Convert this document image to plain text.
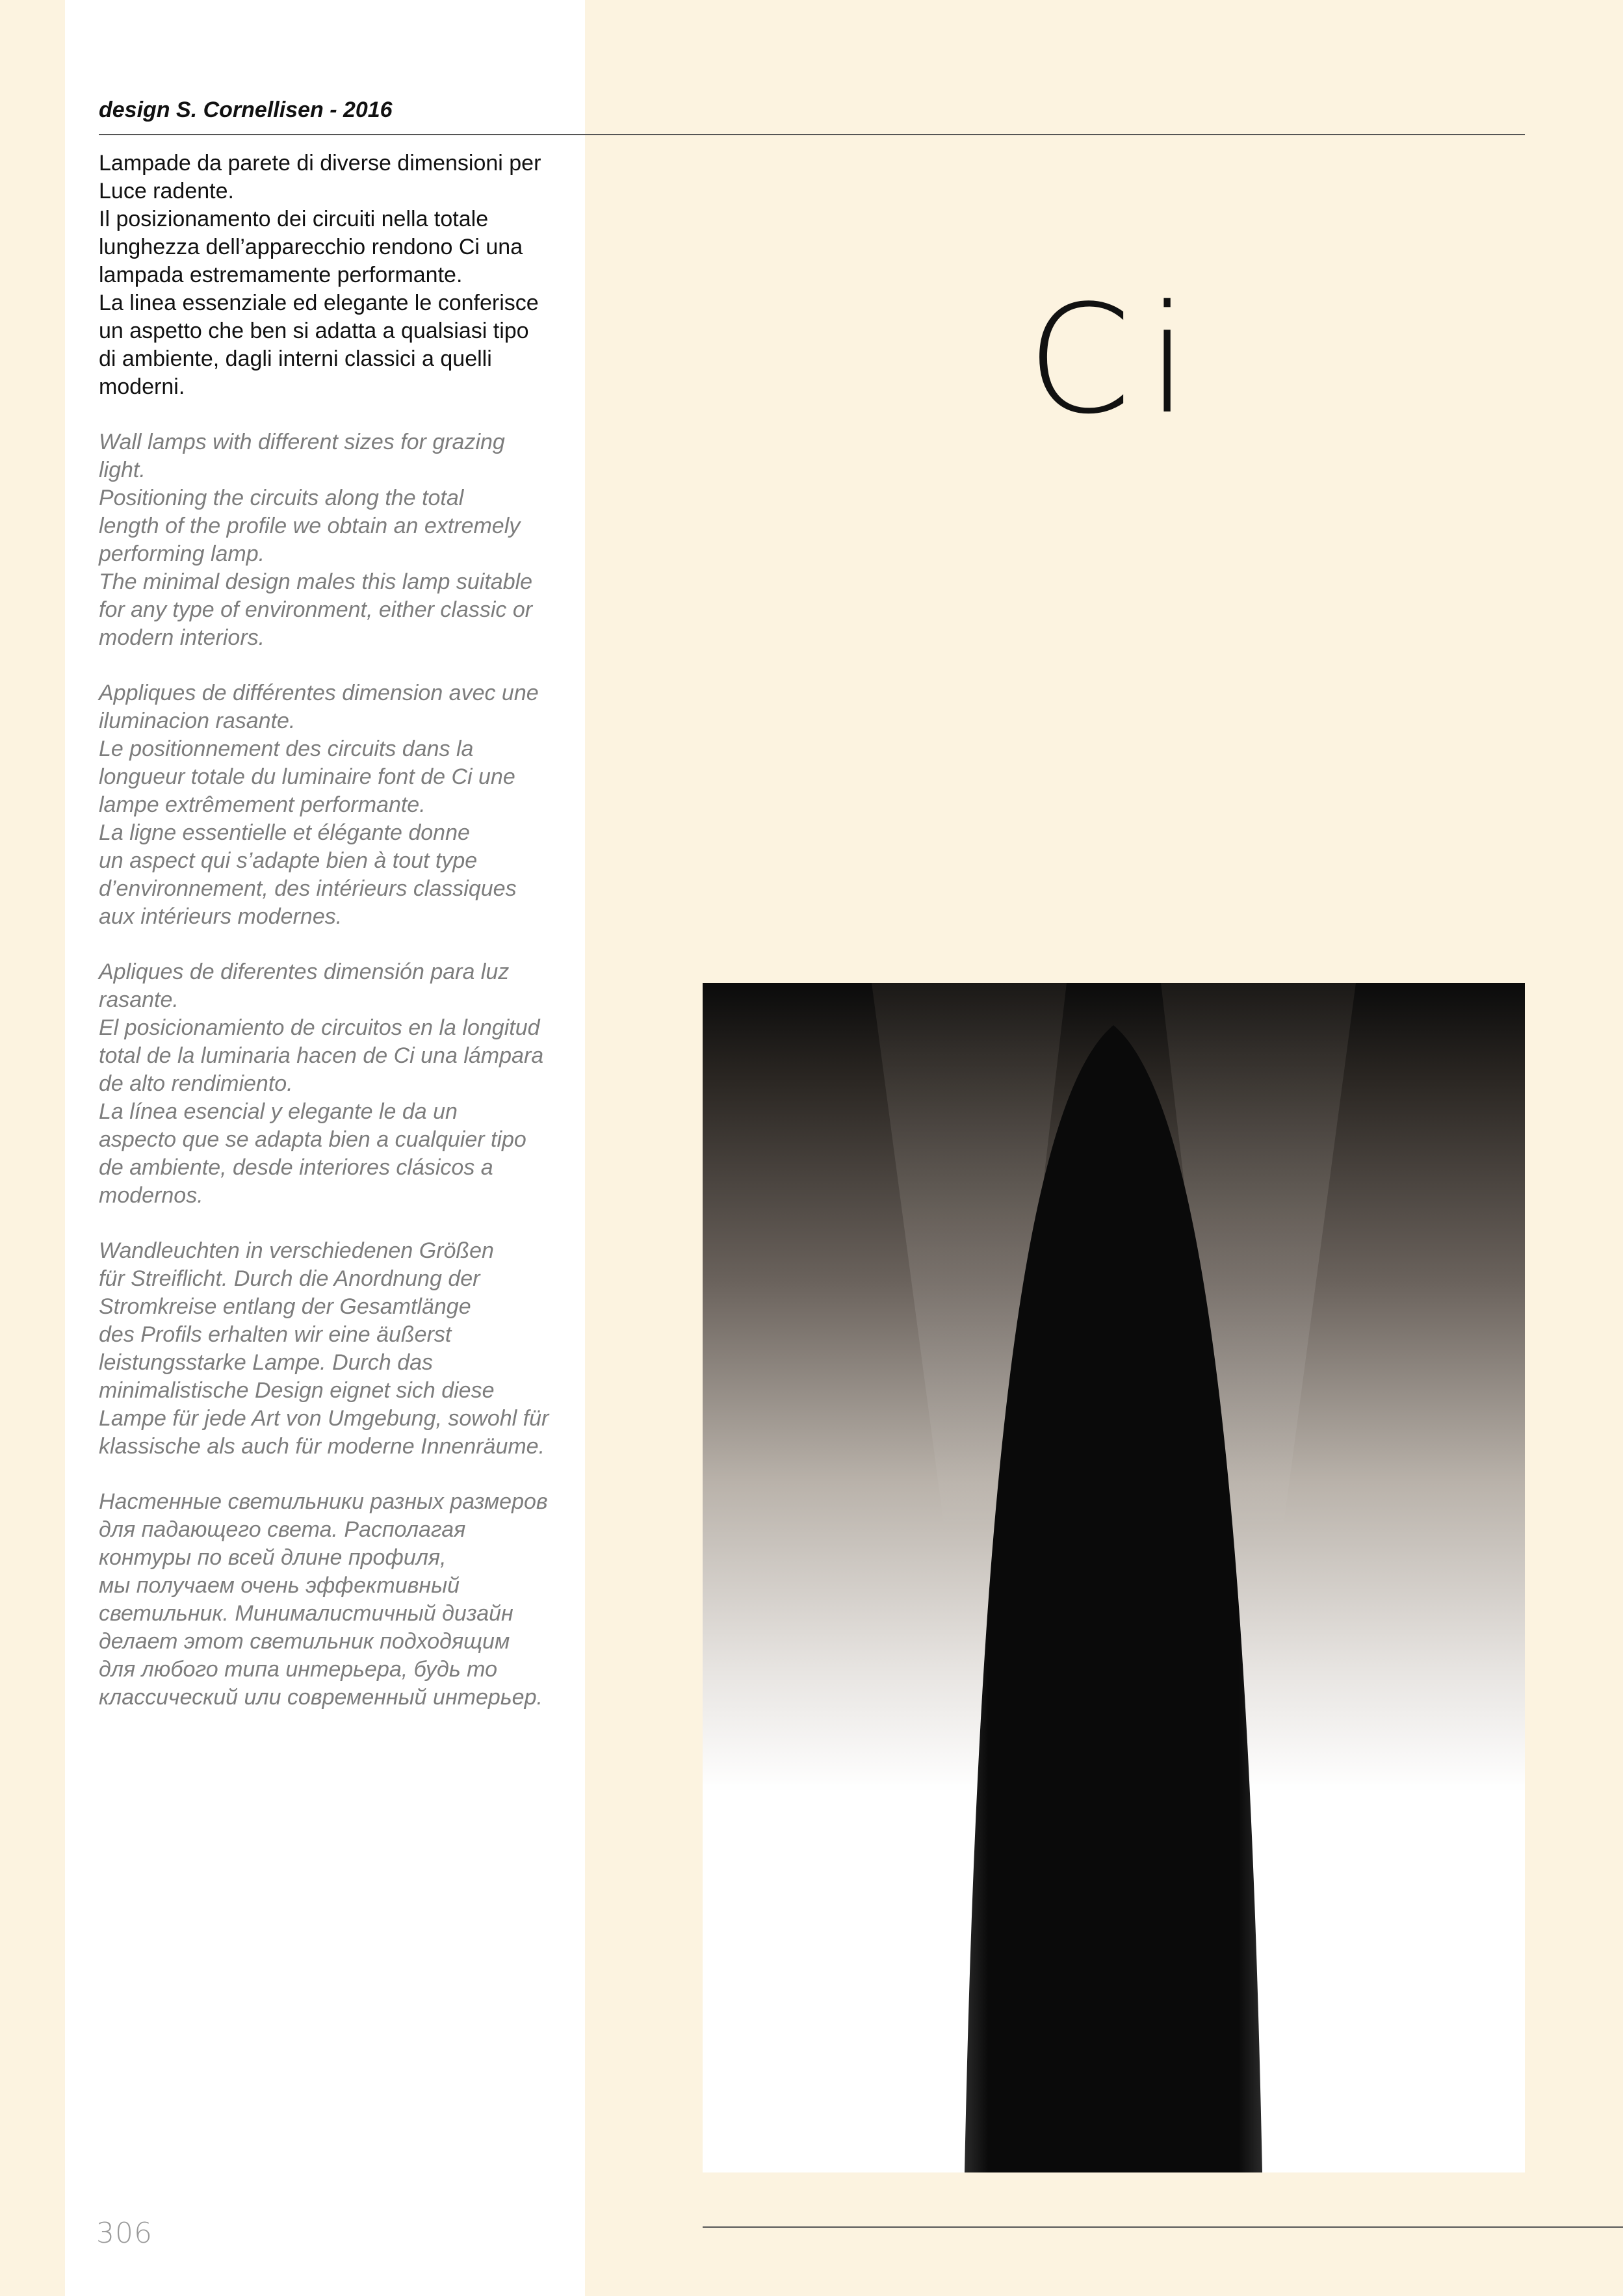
design S. Cornellisen - 2016

Lampade da parete di diverse dimensioni per
Luce radente.
Il posizionamento dei circuiti nella totale
lunghezza dell’apparecchio rendono Ci una
lampada estremamente performante.
La linea essenziale ed elegante le conferisce
un aspetto che ben si adatta a qualsiasi tipo
di ambiente, dagli interni classici a quelli
moderni.

Wall lamps with different sizes for grazing
light.
Positioning the circuits along the total
length of the profile we obtain an extremely
performing lamp.
The minimal design males this lamp suitable
for any type of environment, either classic or
modern interiors.

Appliques de différentes dimension avec une
iluminacion rasante.
Le positionnement des circuits dans la
longueur totale du luminaire font de Ci une
lampe extrêmement performante.
La ligne essentielle et élégante donne
un aspect qui s’adapte bien à tout type
d’environnement, des intérieurs classiques
aux intérieurs modernes.

Apliques de diferentes dimensión para luz
rasante.
El posicionamiento de circuitos en la longitud
total de la luminaria hacen de Ci una lámpara
de alto rendimiento.
La línea esencial y elegante le da un
aspecto que se adapta bien a cualquier tipo
de ambiente, desde interiores clásicos a
modernos.

Wandleuchten in verschiedenen Größen
für Streiflicht. Durch die Anordnung der
Stromkreise entlang der Gesamtlänge
des Profils erhalten wir eine äußerst
leistungsstarke Lampe. Durch das
minimalistische Design eignet sich diese
Lampe für jede Art von Umgebung, sowohl für
klassische als auch für moderne Innenräume.

Настенные светильники разных размеров
для падающего света. Располагая
контуры по всей длине профиля,
мы получаем очень эффективный
светильник. Минималистичный дизайн
делает этот светильник подходящим
для любого типа интерьера, будь то
классический или современный интерьер.

Ci
306
